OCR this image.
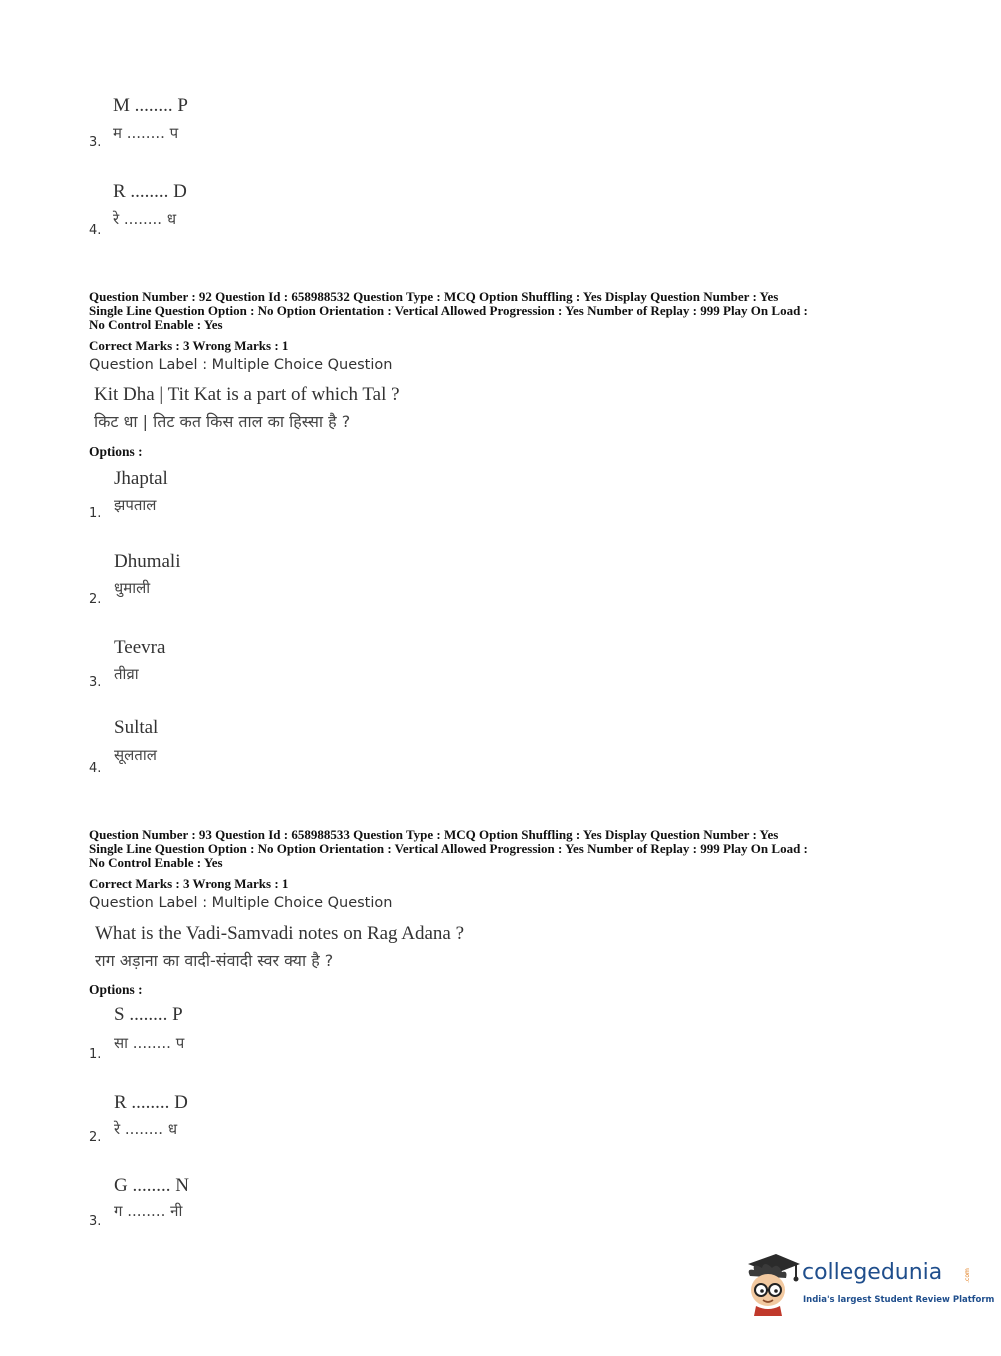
M ........ P
म ........ प
3.
R ........ D
रे ........ ध
4.
Question Number : 92 Question Id : 658988532 Question Type : MCQ Option Shuffling : Yes Display Question Number : Yes
Single Line Question Option : No Option Orientation : Vertical Allowed Progression : Yes Number of Replay : 999 Play On Load :
No Control Enable : Yes
Correct Marks : 3 Wrong Marks : 1
Question Label : Multiple Choice Question
Kit Dha | Tit Kat is a part of which Tal ?
किट धा | तिट कत किस ताल का हिस्सा है ?
Options :
Jhaptal
झपताल
1.
Dhumali
धुमाली
2.
Teevra
तीव्रा
3.
Sultal
सूलताल
4.
Question Number : 93 Question Id : 658988533 Question Type : MCQ Option Shuffling : Yes Display Question Number : Yes
Single Line Question Option : No Option Orientation : Vertical Allowed Progression : Yes Number of Replay : 999 Play On Load :
No Control Enable : Yes
Correct Marks : 3 Wrong Marks : 1
Question Label : Multiple Choice Question
What is the Vadi-Samvadi notes on Rag Adana ?
राग अड़ाना का वादी-संवादी स्वर क्या है ?
Options :
S ........ P
सा ........ प
1.
R ........ D
रे ........ ध
2.
G ........ N
ग ........ नी
3.
collegedunia	.com
India's largest Student Review Platform
